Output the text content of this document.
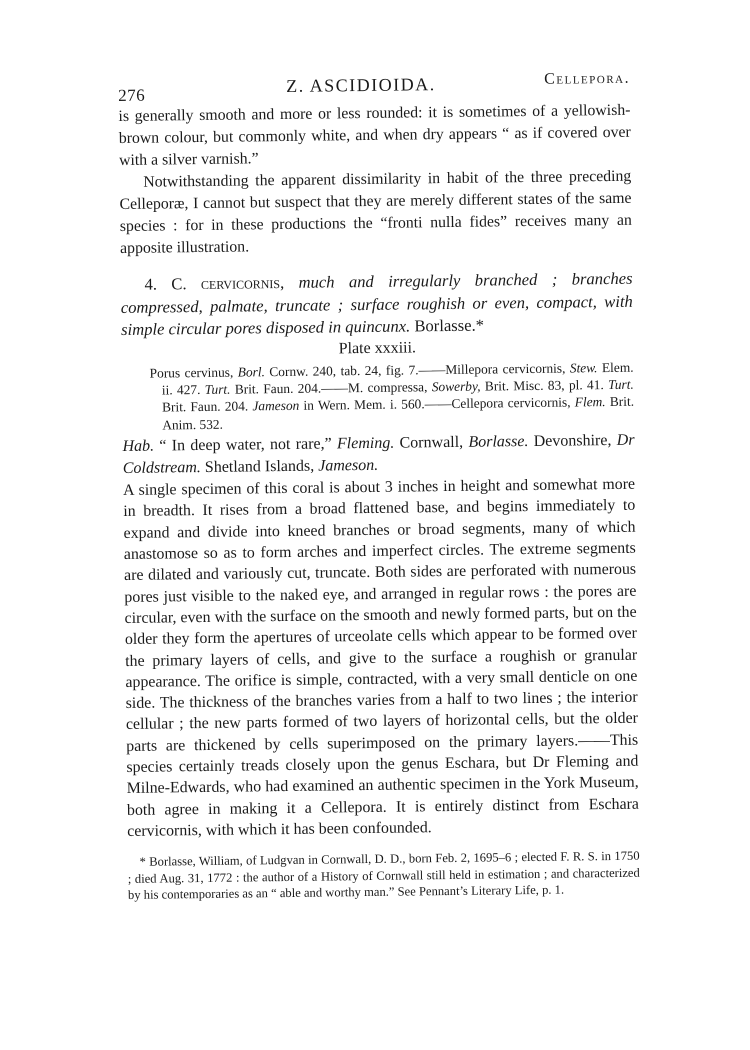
276	Z. ASCIDIOIDA.	Cellepora.

is generally smooth and more or less rounded: it is sometimes of a yellowish-brown colour, but commonly white, and when dry appears “ as if covered over with a silver varnish.”

Notwithstanding the apparent dissimilarity in habit of the three preceding Celleporæ, I cannot but suspect that they are merely different states of the same species : for in these productions the “fronti nulla fides” receives many an apposite illustration.

4. C. cervicornis, much and irregularly branched ; branches compressed, palmate, truncate ; surface roughish or even, compact, with simple circular pores disposed in quincunx. Borlasse.*

Plate xxxiii.

Porus cervinus, Borl. Cornw. 240, tab. 24, fig. 7.——Millepora cervicornis, Stew. Elem. ii. 427. Turt. Brit. Faun. 204.——M. compressa, Sowerby, Brit. Misc. 83, pl. 41. Turt. Brit. Faun. 204. Jameson in Wern. Mem. i. 560.——Cellepora cervicornis, Flem. Brit. Anim. 532.

Hab. “ In deep water, not rare,” Fleming. Cornwall, Borlasse. Devonshire, Dr Coldstream. Shetland Islands, Jameson.

A single specimen of this coral is about 3 inches in height and somewhat more in breadth. It rises from a broad flattened base, and begins immediately to expand and divide into kneed branches or broad segments, many of which anastomose so as to form arches and imperfect circles. The extreme segments are dilated and variously cut, truncate. Both sides are perforated with numerous pores just visible to the naked eye, and arranged in regular rows : the pores are circular, even with the surface on the smooth and newly formed parts, but on the older they form the apertures of urceolate cells which appear to be formed over the primary layers of cells, and give to the surface a roughish or granular appearance. The orifice is simple, contracted, with a very small denticle on one side. The thickness of the branches varies from a half to two lines ; the interior cellular ; the new parts formed of two layers of horizontal cells, but the older parts are thickened by cells superimposed on the primary layers.——This species certainly treads closely upon the genus Eschara, but Dr Fleming and Milne-Edwards, who had examined an authentic specimen in the York Museum, both agree in making it a Cellepora. It is entirely distinct from Eschara cervicornis, with which it has been confounded.

* Borlasse, William, of Ludgvan in Cornwall, D. D., born Feb. 2, 1695–6 ; elected F. R. S. in 1750 ; died Aug. 31, 1772 : the author of a History of Cornwall still held in estimation ; and characterized by his contemporaries as an “ able and worthy man.” See Pennant’s Literary Life, p. 1.
